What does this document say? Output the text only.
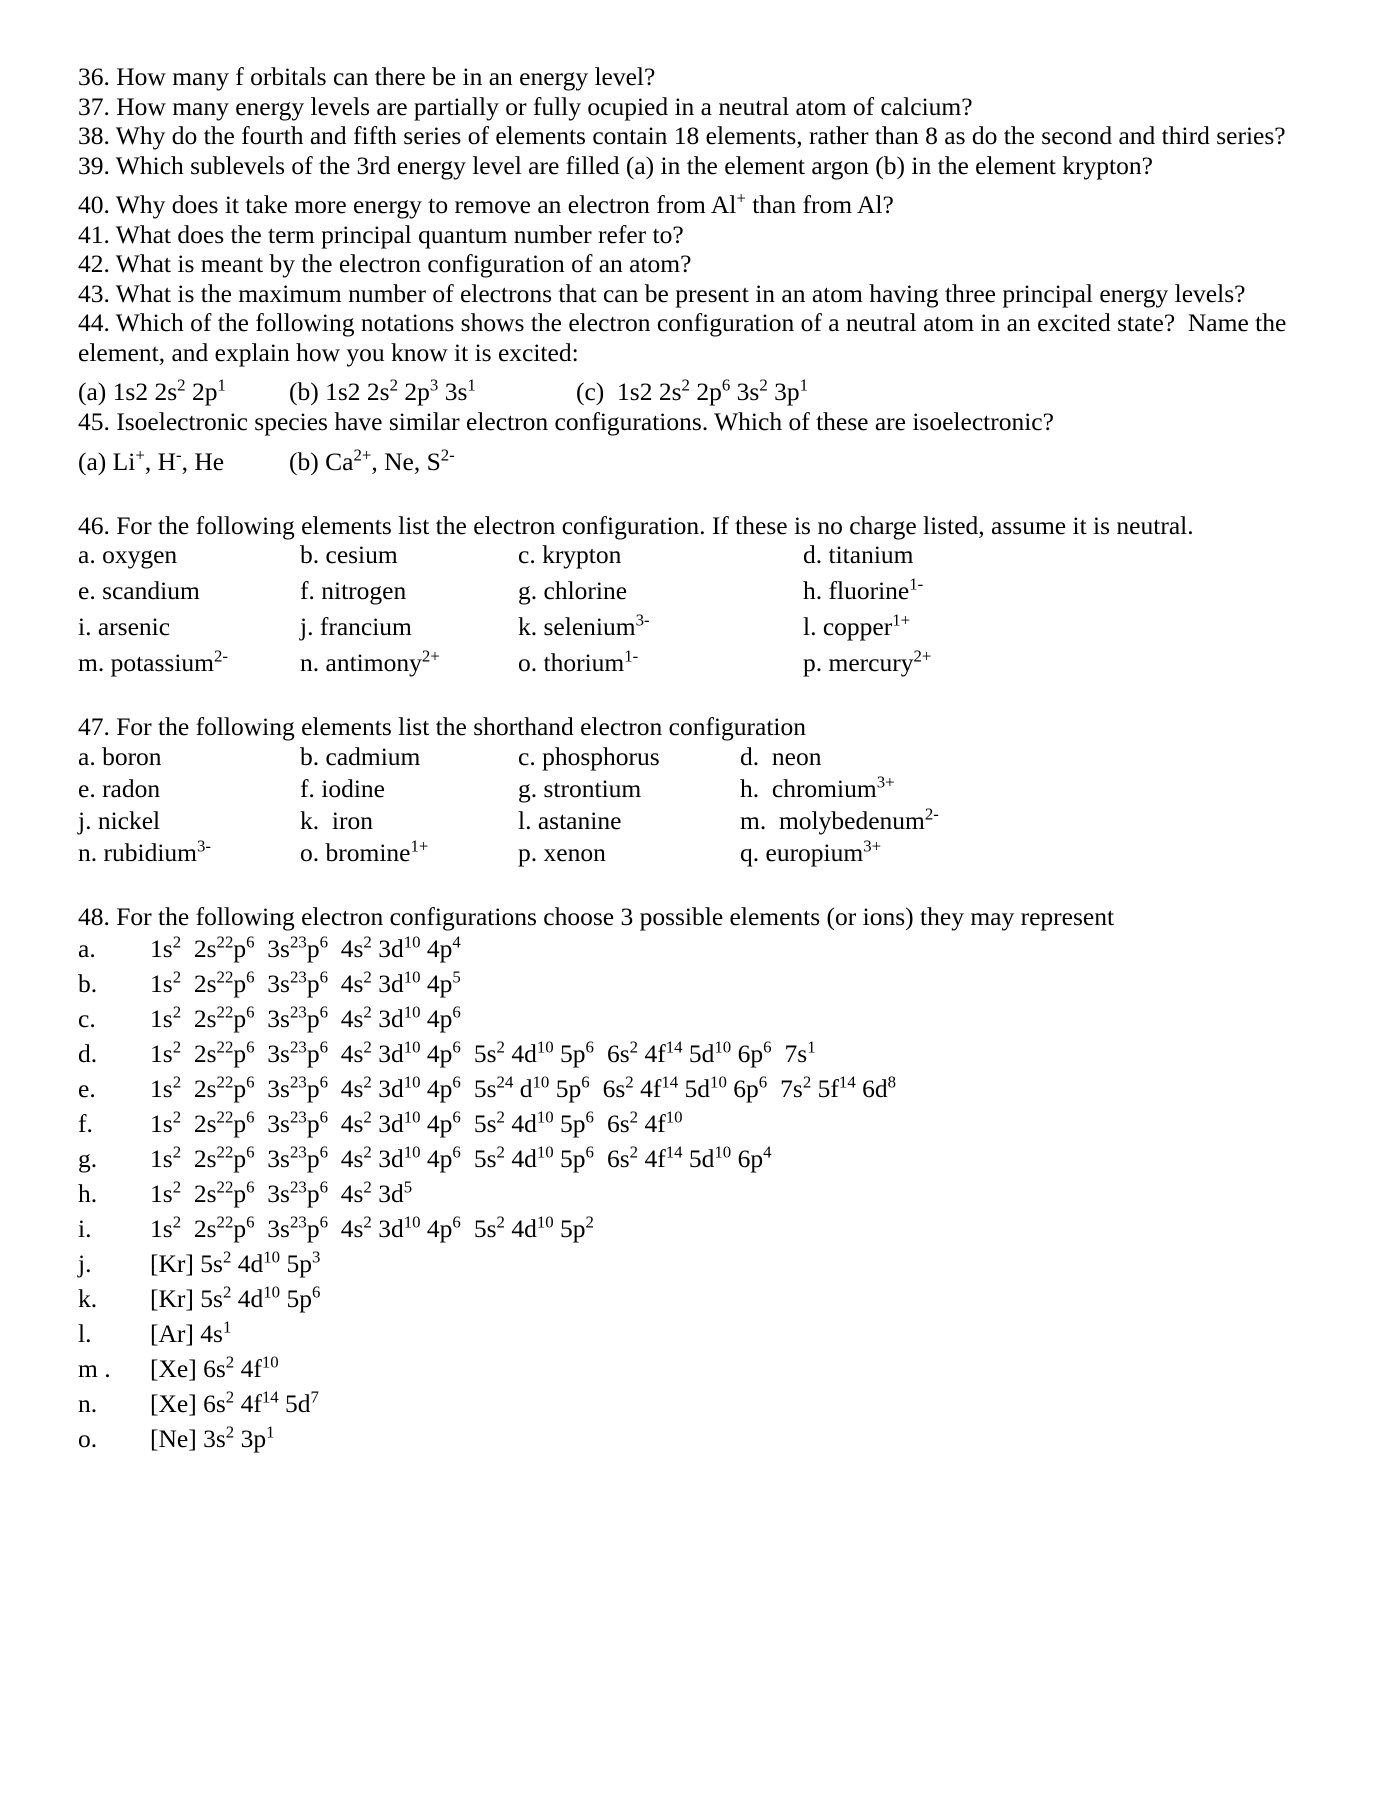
36. How many f orbitals can there be in an energy level?
37. How many energy levels are partially or fully ocupied in a neutral atom of calcium?
38. Why do the fourth and fifth series of elements contain 18 elements, rather than 8 as do the second and third series?
39. Which sublevels of the 3rd energy level are filled (a) in the element argon (b) in the element krypton?
40. Why does it take more energy to remove an electron from Al+ than from Al?
41. What does the term principal quantum number refer to?
42. What is meant by the electron configuration of an atom?
43. What is the maximum number of electrons that can be present in an atom having three principal energy levels?
44. Which of the following notations shows the electron configuration of a neutral atom in an excited state?  Name the element, and explain how you know it is excited:
(a) 1s2 $2s^2$ $2p^1$ (b) 1s2 $2s^2$ $2p^3$ $3s^1$	(c)  1s2 $2s^2$ $2p^6$ $3s^2$ $3p^1$
45. Isoelectronic species have similar electron configurations. Which of these are isoelectronic?
(a) Li+, H-, He	(b) $Ca^{2+}$, Ne, $S^{2-}$
46. For the following elements list the electron configuration. If these is no charge listed, assume it is neutral.
a. oxygen	b. cesium	c. krypton	d. titanium
e. scandium	f. nitrogen	g. chlorine	h. fluorine$^{1-}$
i. arsenic	j. francium	k. selenium$^{3-}$	l. copper$^{1+}$
m. potassium$^{2-}$	n. antimony$^{2+}$	o. thorium$^{1-}$	p. mercury$^{2+}$
47. For the following elements list the shorthand electron configuration
a. boron	b. cadmium	c. phosphorus	d.  neon
e. radon	f. iodine	g. strontium	h.  chromium$^{3+}$
j. nickel	k.  iron	l. astanine	m.  molybedenum$^{2-}$
n. rubidium$^{3-}$	o. bromine$^{1+}$	p. xenon	q. europium$^{3+}$
48. For the following electron configurations choose 3 possible elements (or ions) they may represent
a.	$1s^2$  $2s^{22}p^6$  $3s^{23}p^6$  $4s^2$ $3d^{10}$ $4p^4$
b.	$1s^2$  $2s^{22}p^6$  $3s^{23}p^6$  $4s^2$ $3d^{10}$ $4p^5$
c.	$1s^2$  $2s^{22}p^6$  $3s^{23}p^6$  $4s^2$ $3d^{10}$ $4p^6$
d.	$1s^2$  $2s^{22}p^6$  $3s^{23}p^6$  $4s^2$ $3d^{10}$ $4p^6$ $5s^2$ $4d^{10}$ $5p^6$ $6s^2$ $4f^{14}$ $5d^{10}$ $6p^6$ $7s^1$
e.	$1s^2$  $2s^{22}p^6$  $3s^{23}p^6$  $4s^2$ $3d^{10}$ $4p^6$ $5s^{24}$ $d^{10}$ $5p^6$ $6s^2$ $4f^{14}$ $5d^{10}$ $6p^6$ $7s^2$ $5f^{14}$ $6d^8$
f.	$1s^2$  $2s^{22}p^6$  $3s^{23}p^6$  $4s^2$ $3d^{10}$ $4p^6$ $5s^2$ $4d^{10}$ $5p^6$ $6s^2$ $4f^{10}$
g.	$1s^2$  $2s^{22}p^6$  $3s^{23}p^6$  $4s^2$ $3d^{10}$ $4p^6$ $5s^2$ $4d^{10}$ $5p^6$ $6s^2$ $4f^{14}$ $5d^{10}$ $6p^4$
h.	$1s^2$  $2s^{22}p^6$  $3s^{23}p^6$  $4s^2$ $3d^5$
i.	$1s^2$  $2s^{22}p^6$  $3s^{23}p^6$  $4s^2$ $3d^{10}$ $4p^6$ $5s^2$ $4d^{10}$ $5p^2$
j.	[Kr] $5s^2$ $4d^{10}$ $5p^3$
k.	[Kr] $5s^2$ $4d^{10}$ $5p^6$
l.	[Ar] $4s^1$
m .	[Xe] $6s^2$ $4f^{10}$
n.	[Xe] $6s^2$ $4f^{14}$ $5d^7$
o.	[Ne] $3s^2$ $3p^1$
